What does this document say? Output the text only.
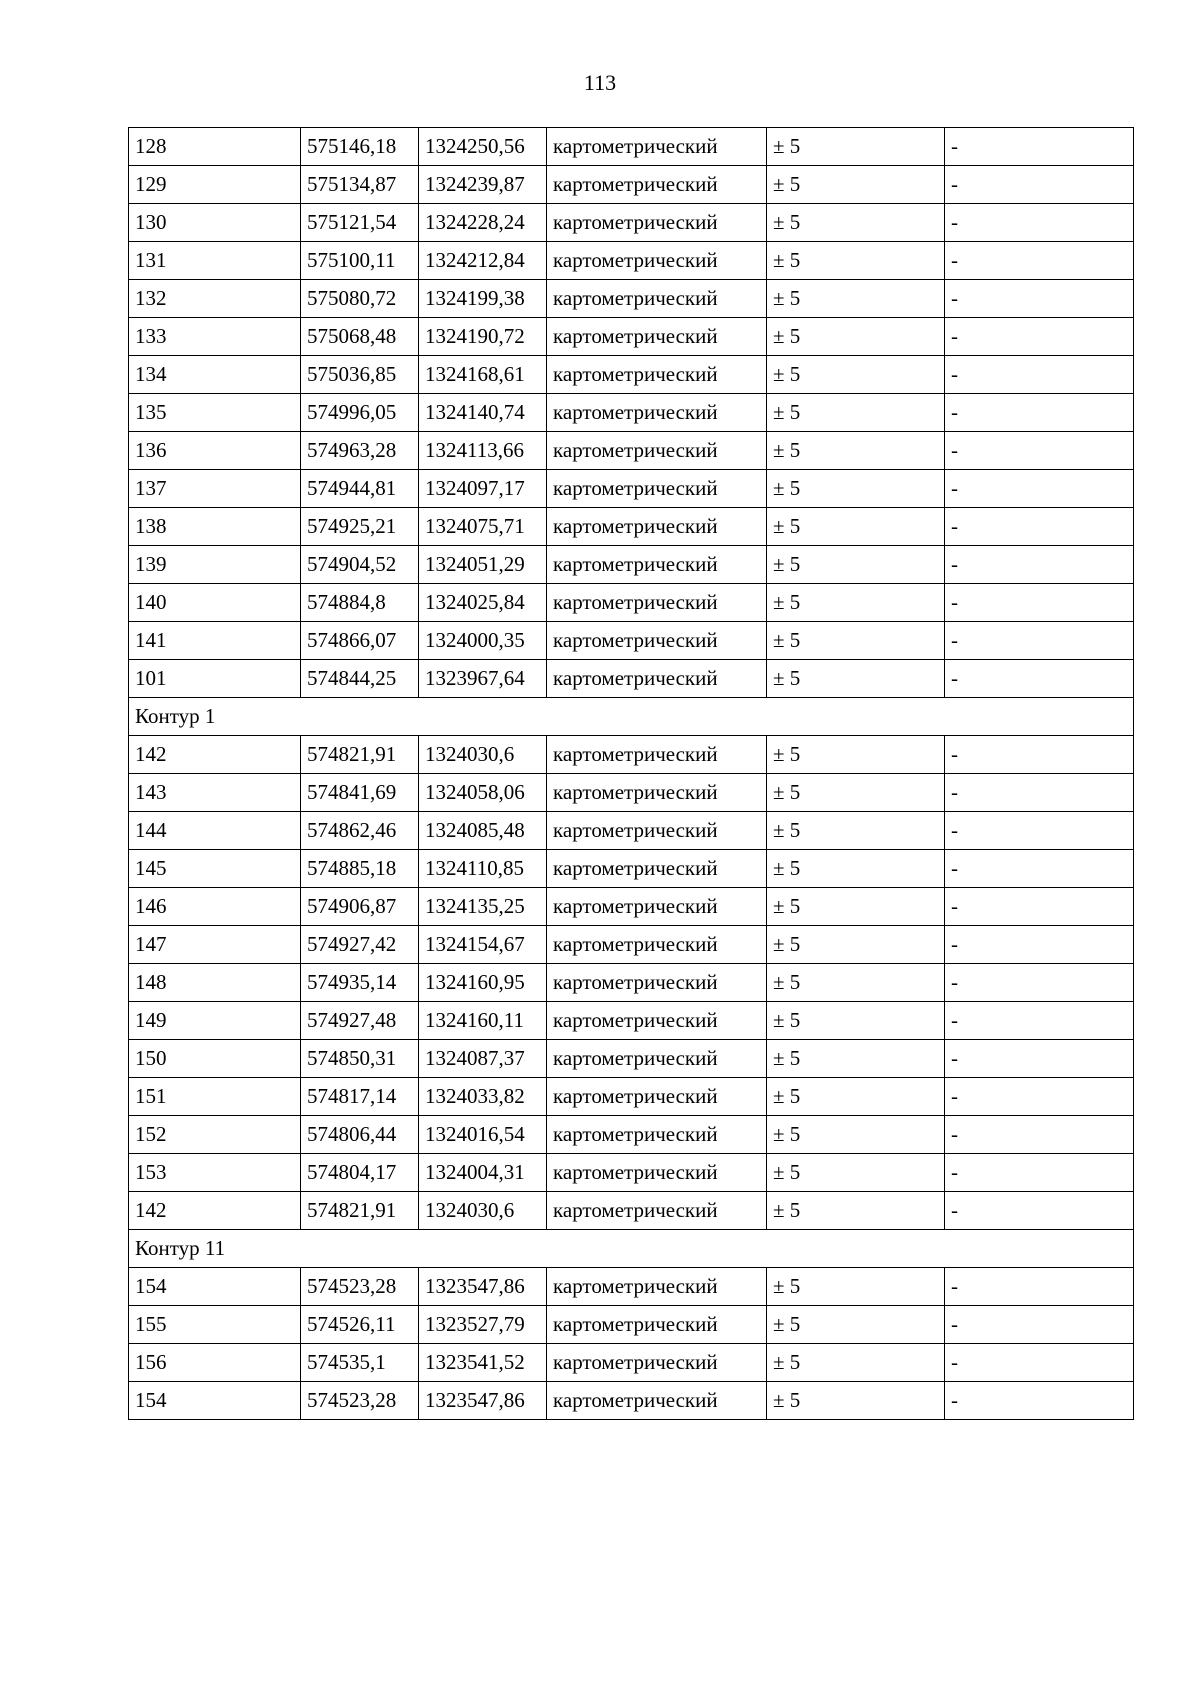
113
128	575146,18	1324250,56	картометрический	± 5	-
129	575134,87	1324239,87	картометрический	± 5	-
130	575121,54	1324228,24	картометрический	± 5	-
131	575100,11	1324212,84	картометрический	± 5	-
132	575080,72	1324199,38	картометрический	± 5	-
133	575068,48	1324190,72	картометрический	± 5	-
134	575036,85	1324168,61	картометрический	± 5	-
135	574996,05	1324140,74	картометрический	± 5	-
136	574963,28	1324113,66	картометрический	± 5	-
137	574944,81	1324097,17	картометрический	± 5	-
138	574925,21	1324075,71	картометрический	± 5	-
139	574904,52	1324051,29	картометрический	± 5	-
140	574884,8	1324025,84	картометрический	± 5	-
141	574866,07	1324000,35	картометрический	± 5	-
101	574844,25	1323967,64	картометрический	± 5	-
Контур 1					
142	574821,91	1324030,6	картометрический	± 5	-
143	574841,69	1324058,06	картометрический	± 5	-
144	574862,46	1324085,48	картометрический	± 5	-
145	574885,18	1324110,85	картометрический	± 5	-
146	574906,87	1324135,25	картометрический	± 5	-
147	574927,42	1324154,67	картометрический	± 5	-
148	574935,14	1324160,95	картометрический	± 5	-
149	574927,48	1324160,11	картометрический	± 5	-
150	574850,31	1324087,37	картометрический	± 5	-
151	574817,14	1324033,82	картометрический	± 5	-
152	574806,44	1324016,54	картометрический	± 5	-
153	574804,17	1324004,31	картометрический	± 5	-
142	574821,91	1324030,6	картометрический	± 5	-
Контур 11					
154	574523,28	1323547,86	картометрический	± 5	-
155	574526,11	1323527,79	картометрический	± 5	-
156	574535,1	1323541,52	картометрический	± 5	-
154	574523,28	1323547,86	картометрический	± 5	-
